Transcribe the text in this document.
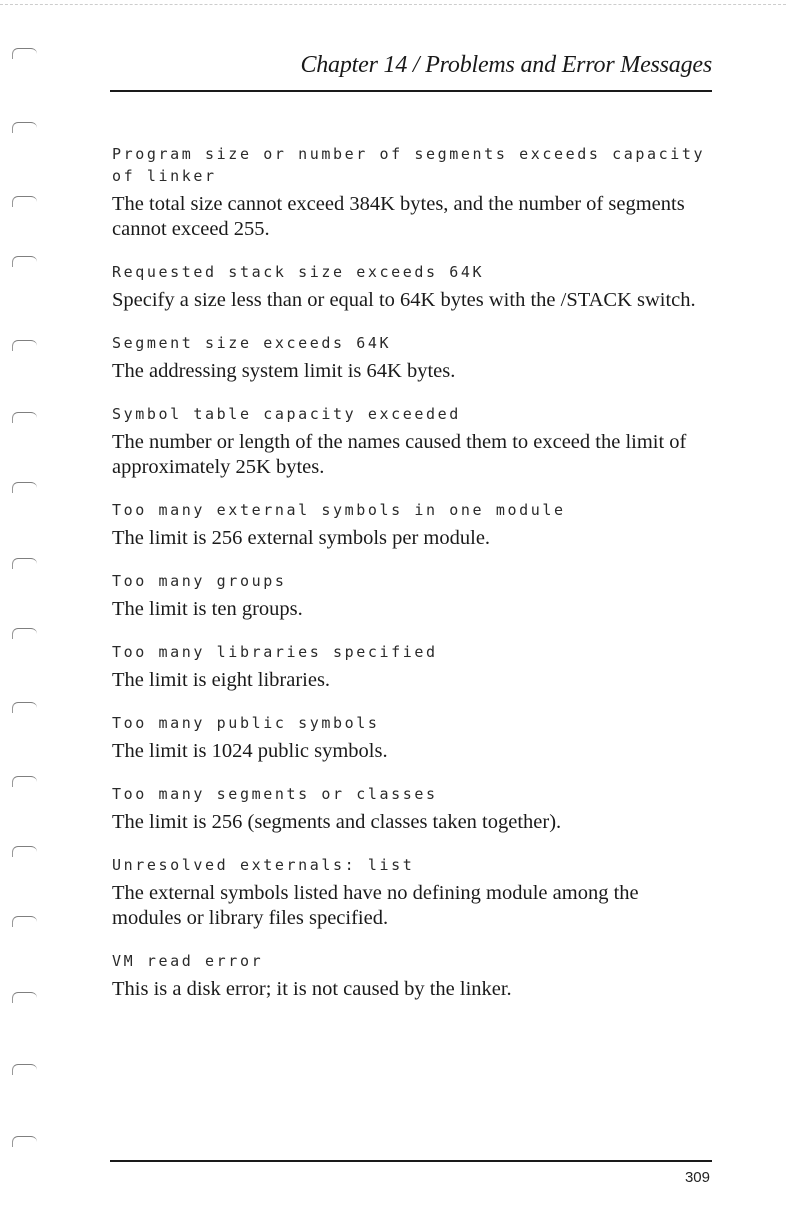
Chapter 14 / Problems and Error Messages
Program size or number of segments exceeds capacity of linker
The total size cannot exceed 384K bytes, and the number of segments cannot exceed 255.
Requested stack size exceeds 64K
Specify a size less than or equal to 64K bytes with the /STACK switch.
Segment size exceeds 64K
The addressing system limit is 64K bytes.
Symbol table capacity exceeded
The number or length of the names caused them to exceed the limit of approximately 25K bytes.
Too many external symbols in one module
The limit is 256 external symbols per module.
Too many groups
The limit is ten groups.
Too many libraries specified
The limit is eight libraries.
Too many public symbols
The limit is 1024 public symbols.
Too many segments or classes
The limit is 256 (segments and classes taken together).
Unresolved externals: list
The external symbols listed have no defining module among the modules or library files specified.
VM read error
This is a disk error; it is not caused by the linker.
309
